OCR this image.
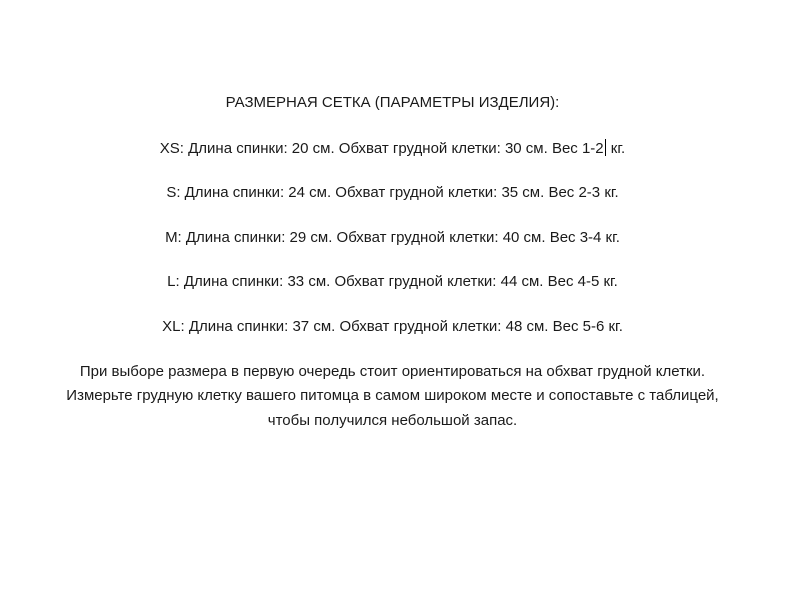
РАЗМЕРНАЯ СЕТКА (ПАРАМЕТРЫ ИЗДЕЛИЯ):
XS: Длина спинки: 20 см. Обхват грудной клетки: 30 см. Вес 1-2 кг.
S: Длина спинки: 24 см. Обхват грудной клетки: 35 см. Вес 2-3 кг.
M: Длина спинки: 29 см. Обхват грудной клетки: 40 см. Вес 3-4 кг.
L: Длина спинки: 33 см. Обхват грудной клетки: 44 см. Вес 4-5 кг.
XL: Длина спинки: 37 см. Обхват грудной клетки: 48 см. Вес 5-6 кг.
При выборе размера в первую очередь стоит ориентироваться на обхват грудной клетки.
Измерьте грудную клетку вашего питомца в самом широком месте и сопоставьте с таблицей,
чтобы получился небольшой запас.
